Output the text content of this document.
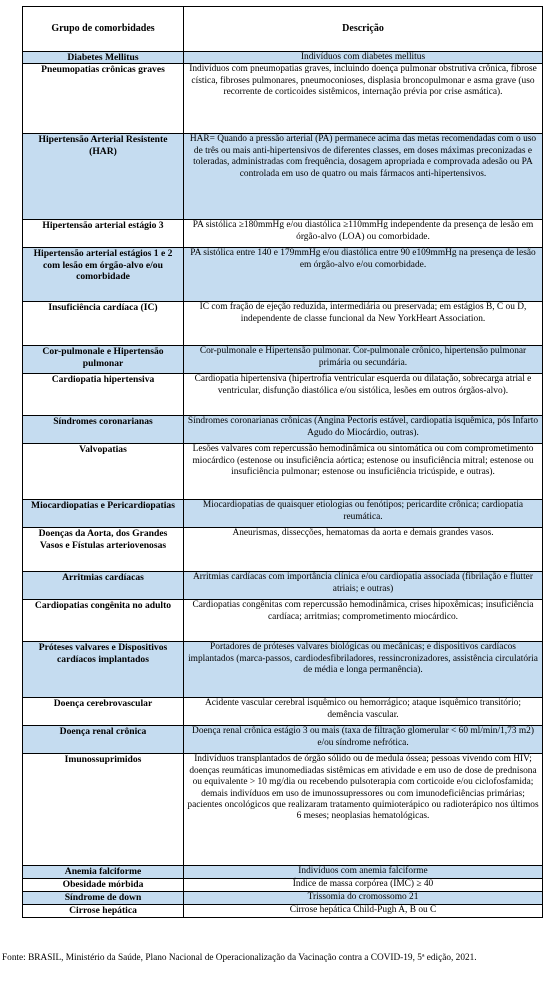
Grupo de comorbidades	Descrição
Diabetes Mellitus	Indivíduos com diabetes mellitus
Pneumopatias crônicas graves	Indivíduos com pneumopatias graves, incluindo doença pulmonar obstrutiva crônica, fibrose cística, fibroses pulmonares, pneumoconioses, displasia broncopulmonar e asma grave (uso recorrente de corticoides sistêmicos, internação prévia por crise asmática).
Hipertensão Arterial Resistente (HAR)	HAR= Quando a pressão arterial (PA) permanece acima das metas recomendadas com o uso de três ou mais anti-hipertensivos de diferentes classes, em doses máximas preconizadas e toleradas, administradas com frequência, dosagem apropriada e comprovada adesão ou PA controlada em uso de quatro ou mais fármacos anti-hipertensivos.
Hipertensão arterial estágio 3	PA sistólica ≥180mmHg e/ou diastólica ≥110mmHg independente da presença de lesão em órgão-alvo (LOA) ou comorbidade.
Hipertensão arterial estágios 1 e 2 com lesão em órgão-alvo e/ou comorbidade	PA sistólica entre 140 e 179mmHg e/ou diastólica entre 90 e109mmHg na presença de lesão em órgão-alvo e/ou comorbidade.
Insuficiência cardíaca (IC)	IC com fração de ejeção reduzida, intermediária ou preservada; em estágios B, C ou D, independente de classe funcional da New YorkHeart Association.
Cor-pulmonale e Hipertensão pulmonar	Cor-pulmonale e Hipertensão pulmonar. Cor-pulmonale crônico, hipertensão pulmonar primária ou secundária.
Cardiopatia hipertensiva	Cardiopatia hipertensiva (hipertrofia ventricular esquerda ou dilatação, sobrecarga atrial e ventricular, disfunção diastólica e/ou sistólica, lesões em outros órgãos-alvo).
Síndromes coronarianas	Síndromes coronarianas crônicas (Angina Pectoris estável, cardiopatia isquêmica, pós Infarto Agudo do Miocárdio, outras).
Valvopatias	Lesões valvares com repercussão hemodinâmica ou sintomática ou com comprometimento miocárdico (estenose ou insuficiência aórtica; estenose ou insuficiência mitral; estenose ou insuficiência pulmonar; estenose ou insuficiência tricúspide, e outras).
Miocardiopatias e Pericardiopatias	Miocardiopatias de quaisquer etiologias ou fenótipos; pericardite crônica; cardiopatia reumática.
Doenças da Aorta, dos Grandes Vasos e Fístulas arteriovenosas	Aneurismas, dissecções, hematomas da aorta e demais grandes vasos.
Arritmias cardíacas	Arritmias cardíacas com importância clínica e/ou cardiopatia associada (fibrilação e flutter atriais; e outras)
Cardiopatias congênita no adulto	Cardiopatias congênitas com repercussão hemodinâmica, crises hipoxêmicas; insuficiência cardíaca; arritmias; comprometimento miocárdico.
Próteses valvares e Dispositivos cardíacos implantados	Portadores de próteses valvares biológicas ou mecânicas; e dispositivos cardíacos implantados (marca-passos, cardiodesfibriladores, ressincronizadores, assistência circulatória de média e longa permanência).
Doença cerebrovascular	Acidente vascular cerebral isquêmico ou hemorrágico; ataque isquêmico transitório; demência vascular.
Doença renal crônica	Doença renal crônica estágio 3 ou mais (taxa de filtração glomerular < 60 ml/min/1,73 m2) e/ou síndrome nefrótica.
Imunossuprimidos	Indivíduos transplantados de órgão sólido ou de medula óssea; pessoas vivendo com HIV; doenças reumáticas imunomediadas sistêmicas em atividade e em uso de dose de prednisona ou equivalente > 10 mg/dia ou recebendo pulsoterapia com corticoide e/ou ciclofosfamida; demais indivíduos em uso de imunossupressores ou com imunodeficiências primárias; pacientes oncológicos que realizaram tratamento quimioterápico ou radioterápico nos últimos 6 meses; neoplasias hematológicas.
Anemia falciforme	Indivíduos com anemia falciforme
Obesidade mórbida	Índice de massa corpórea (IMC) ≥ 40
Síndrome de down	Trissomia do cromossomo 21
Cirrose hepática	Cirrose hepática Child-Pugh A, B ou C
Fonte: BRASIL, Ministério da Saúde, Plano Nacional de Operacionalização da Vacinação contra a COVID-19, 5ª edição, 2021.
